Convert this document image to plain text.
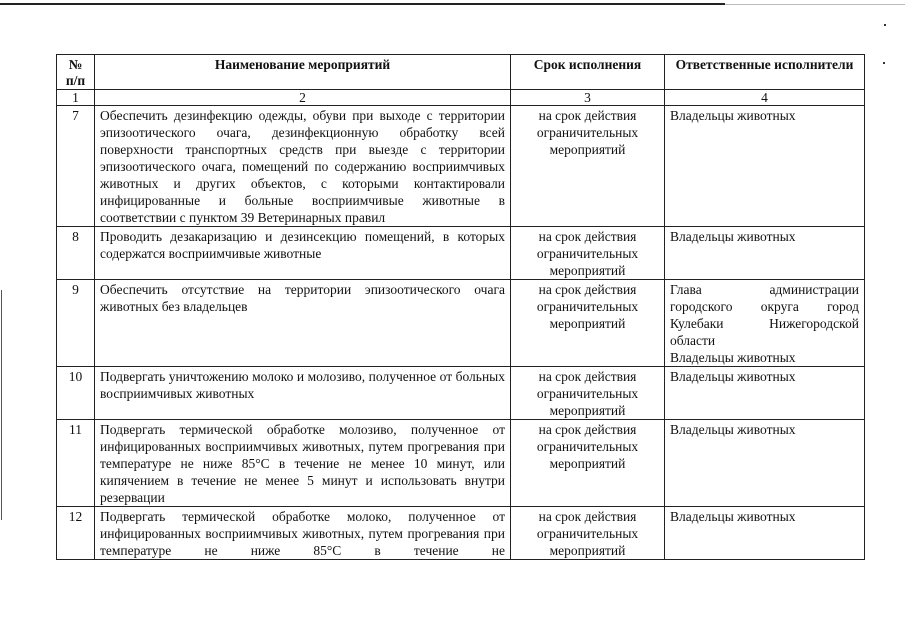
№ п/п	Наименование мероприятий	Срок исполнения	Ответственные исполнители
1	2	3	4
7	Обеспечить дезинфекцию одежды, обуви при выходе с территории эпизоотического очага, дезинфекционную обработку всей поверхности транспортных средств при выезде с территории эпизоотического очага, помещений по содержанию восприимчивых животных и других объектов, с которыми контактировали инфицированные и больные восприимчивые животные в соответствии с пунктом 39 Ветеринарных правил	на срок действия ограничительных мероприятий	Владельцы животных
8	Проводить дезакаризацию и дезинсекцию помещений, в которых содержатся восприимчивые животные	на срок действия ограничительных мероприятий	Владельцы животных
9	Обеспечить отсутствие на территории эпизоотического очага животных без владельцев	на срок действия ограничительных мероприятий	Глава администрации городского округа город Кулебаки Нижегородской области
Владельцы животных

10	Подвергать уничтожению молоко и молозиво, полученное от больных восприимчивых животных	на срок действия ограничительных мероприятий	Владельцы животных
11	Подвергать термической обработке молозиво, полученное от инфицированных восприимчивых животных, путем прогревания при температуре не ниже 85°С в течение не менее 10 минут, или кипячением в течение не менее 5 минут и использовать внутри резервации	на срок действия ограничительных мероприятий	Владельцы животных
12	Подвергать термической обработке молоко, полученное от инфицированных восприимчивых животных, путем прогревания при температуре не ниже 85°С в течение не	на срок действия ограничительных мероприятий	Владельцы животных
